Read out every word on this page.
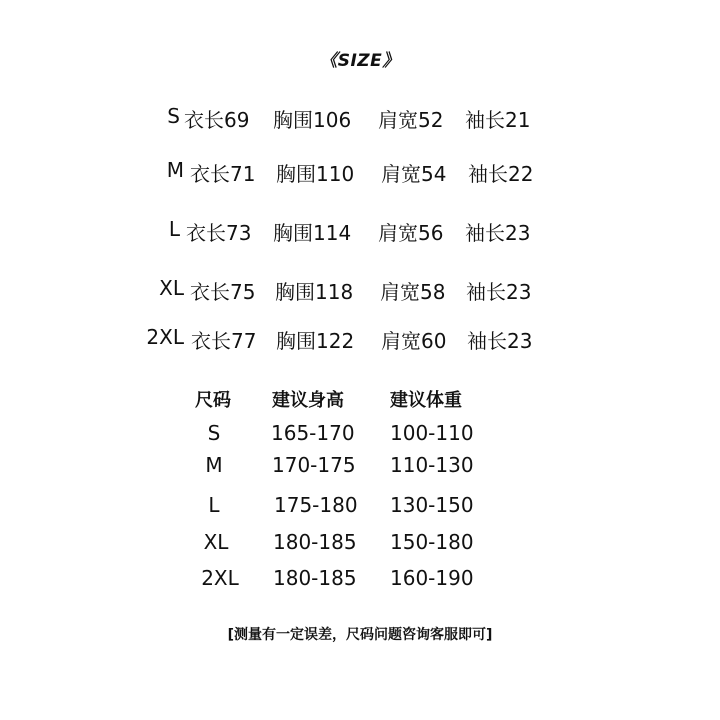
《SIZE》
S 衣长69 胸围106 肩宽52 袖长21
M 衣长71 胸围110 肩宽54 袖长22
L 衣长73 胸围114 肩宽56 袖长23
XL 衣长75 胸围118 肩宽58 袖长23
2XL 衣长77 胸围122 肩宽60 袖长23
尺码 建议身高	建议体重
S	165-170 100-110
M	170-175 110-130
L	175-180 130-150
XL	180-185 150-180
2XL	180-185 160-190
[测量有一定误差，尺码问题咨询客服即可]
